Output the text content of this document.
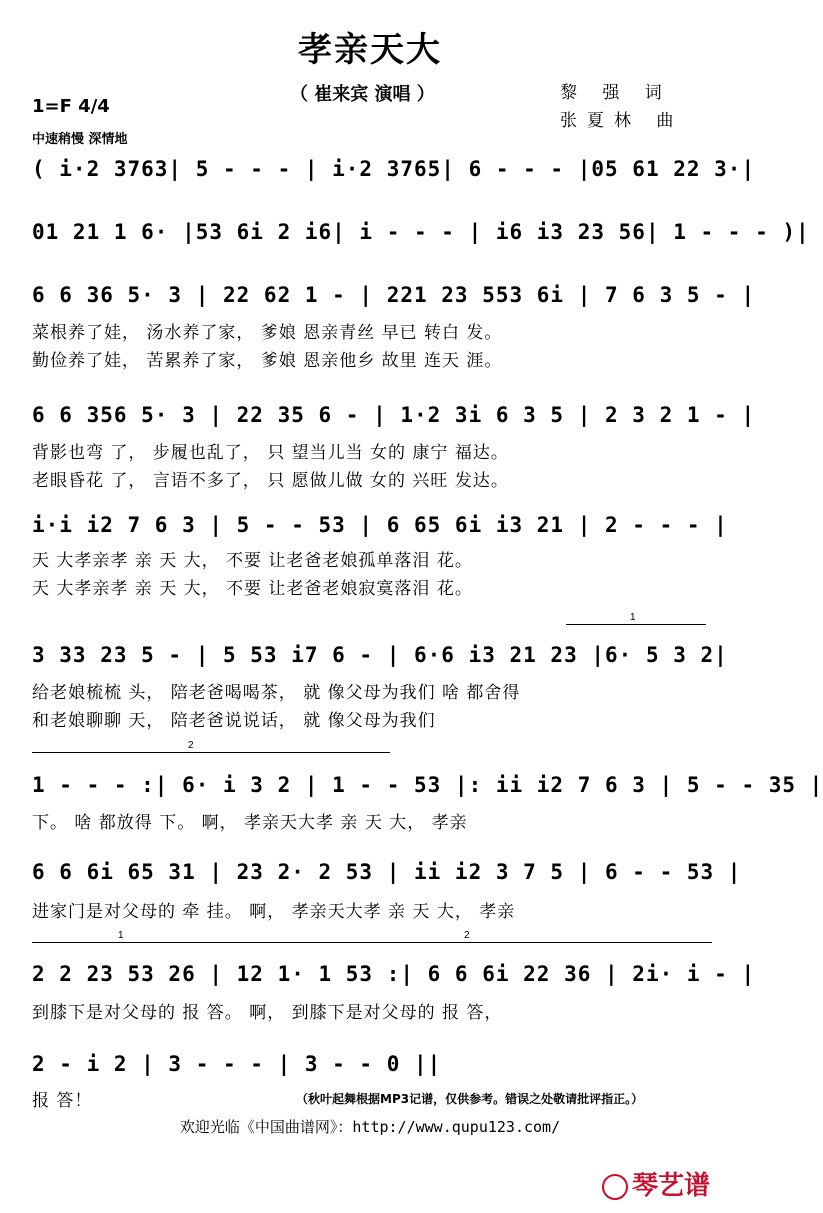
孝亲天大
（ 崔来宾 演唱 ）	黎 强 词
张夏林 曲
1=F 4/4
中速稍慢 深情地
( i·2 3763| 5 - - - | i·2 3765| 6 - - - |05 61 22 3·|
01 21 1 6· |53 6i 2 i6| i - - - | i6 i3 23 56| 1 - - - )|
6 6 36 5· 3 | 22 62 1 - | 221 23 553 6i | 7 6 3 5 - |
菜根养了娃， 汤水养了家， 爹娘 恩亲青丝 早已 转白 发。
勤俭养了娃， 苦累养了家， 爹娘 恩亲他乡 故里 连天 涯。
6 6 356 5· 3 | 22 35 6 - | 1·2 3i 6 3 5 | 2 3 2 1 - |
背影也弯 了， 步履也乱了， 只 望当儿当 女的 康宁 福达。
老眼昏花 了， 言语不多了， 只 愿做儿做 女的 兴旺 发达。
i·i i2 7 6 3 | 5 - - 53 | 6 65 6i i3 21 | 2 - - - |
天 大孝亲孝 亲 天 大， 不要 让老爸老娘孤单落泪 花。
天 大孝亲孝 亲 天 大， 不要 让老爸老娘寂寞落泪 花。
1
3 33 23 5 - | 5 53 i7 6 - | 6·6 i3 21 23 |6· 5 3 2|
给老娘梳梳 头， 陪老爸喝喝茶， 就 像父母为我们 啥 都舍得
和老娘聊聊 天， 陪老爸说说话， 就 像父母为我们
2
1 - - - :| 6· i 3 2 | 1 - - 53 |: ii i2 7 6 3 | 5 - - 35 |
下。 啥 都放得 下。 啊， 孝亲天大孝 亲 天 大， 孝亲
6 6 6i 65 31 | 23 2· 2 53 | ii i2 3 7 5 | 6 - - 53 |
进家门是对父母的 牵 挂。 啊， 孝亲天大孝 亲 天 大， 孝亲
1	2
2 2 23 53 26 | 12 1· 1 53 :| 6 6 6i 22 36 | 2i· i - |
到膝下是对父母的 报 答。 啊， 到膝下是对父母的 报 答，
2 - i 2 | 3 - - - | 3 - - 0 ||
报 答！	（秋叶起舞根据MP3记谱，仅供参考。错误之处敬请批评指正。）
欢迎光临《中国曲谱网》：http://www.qupu123.com/
琴艺谱
